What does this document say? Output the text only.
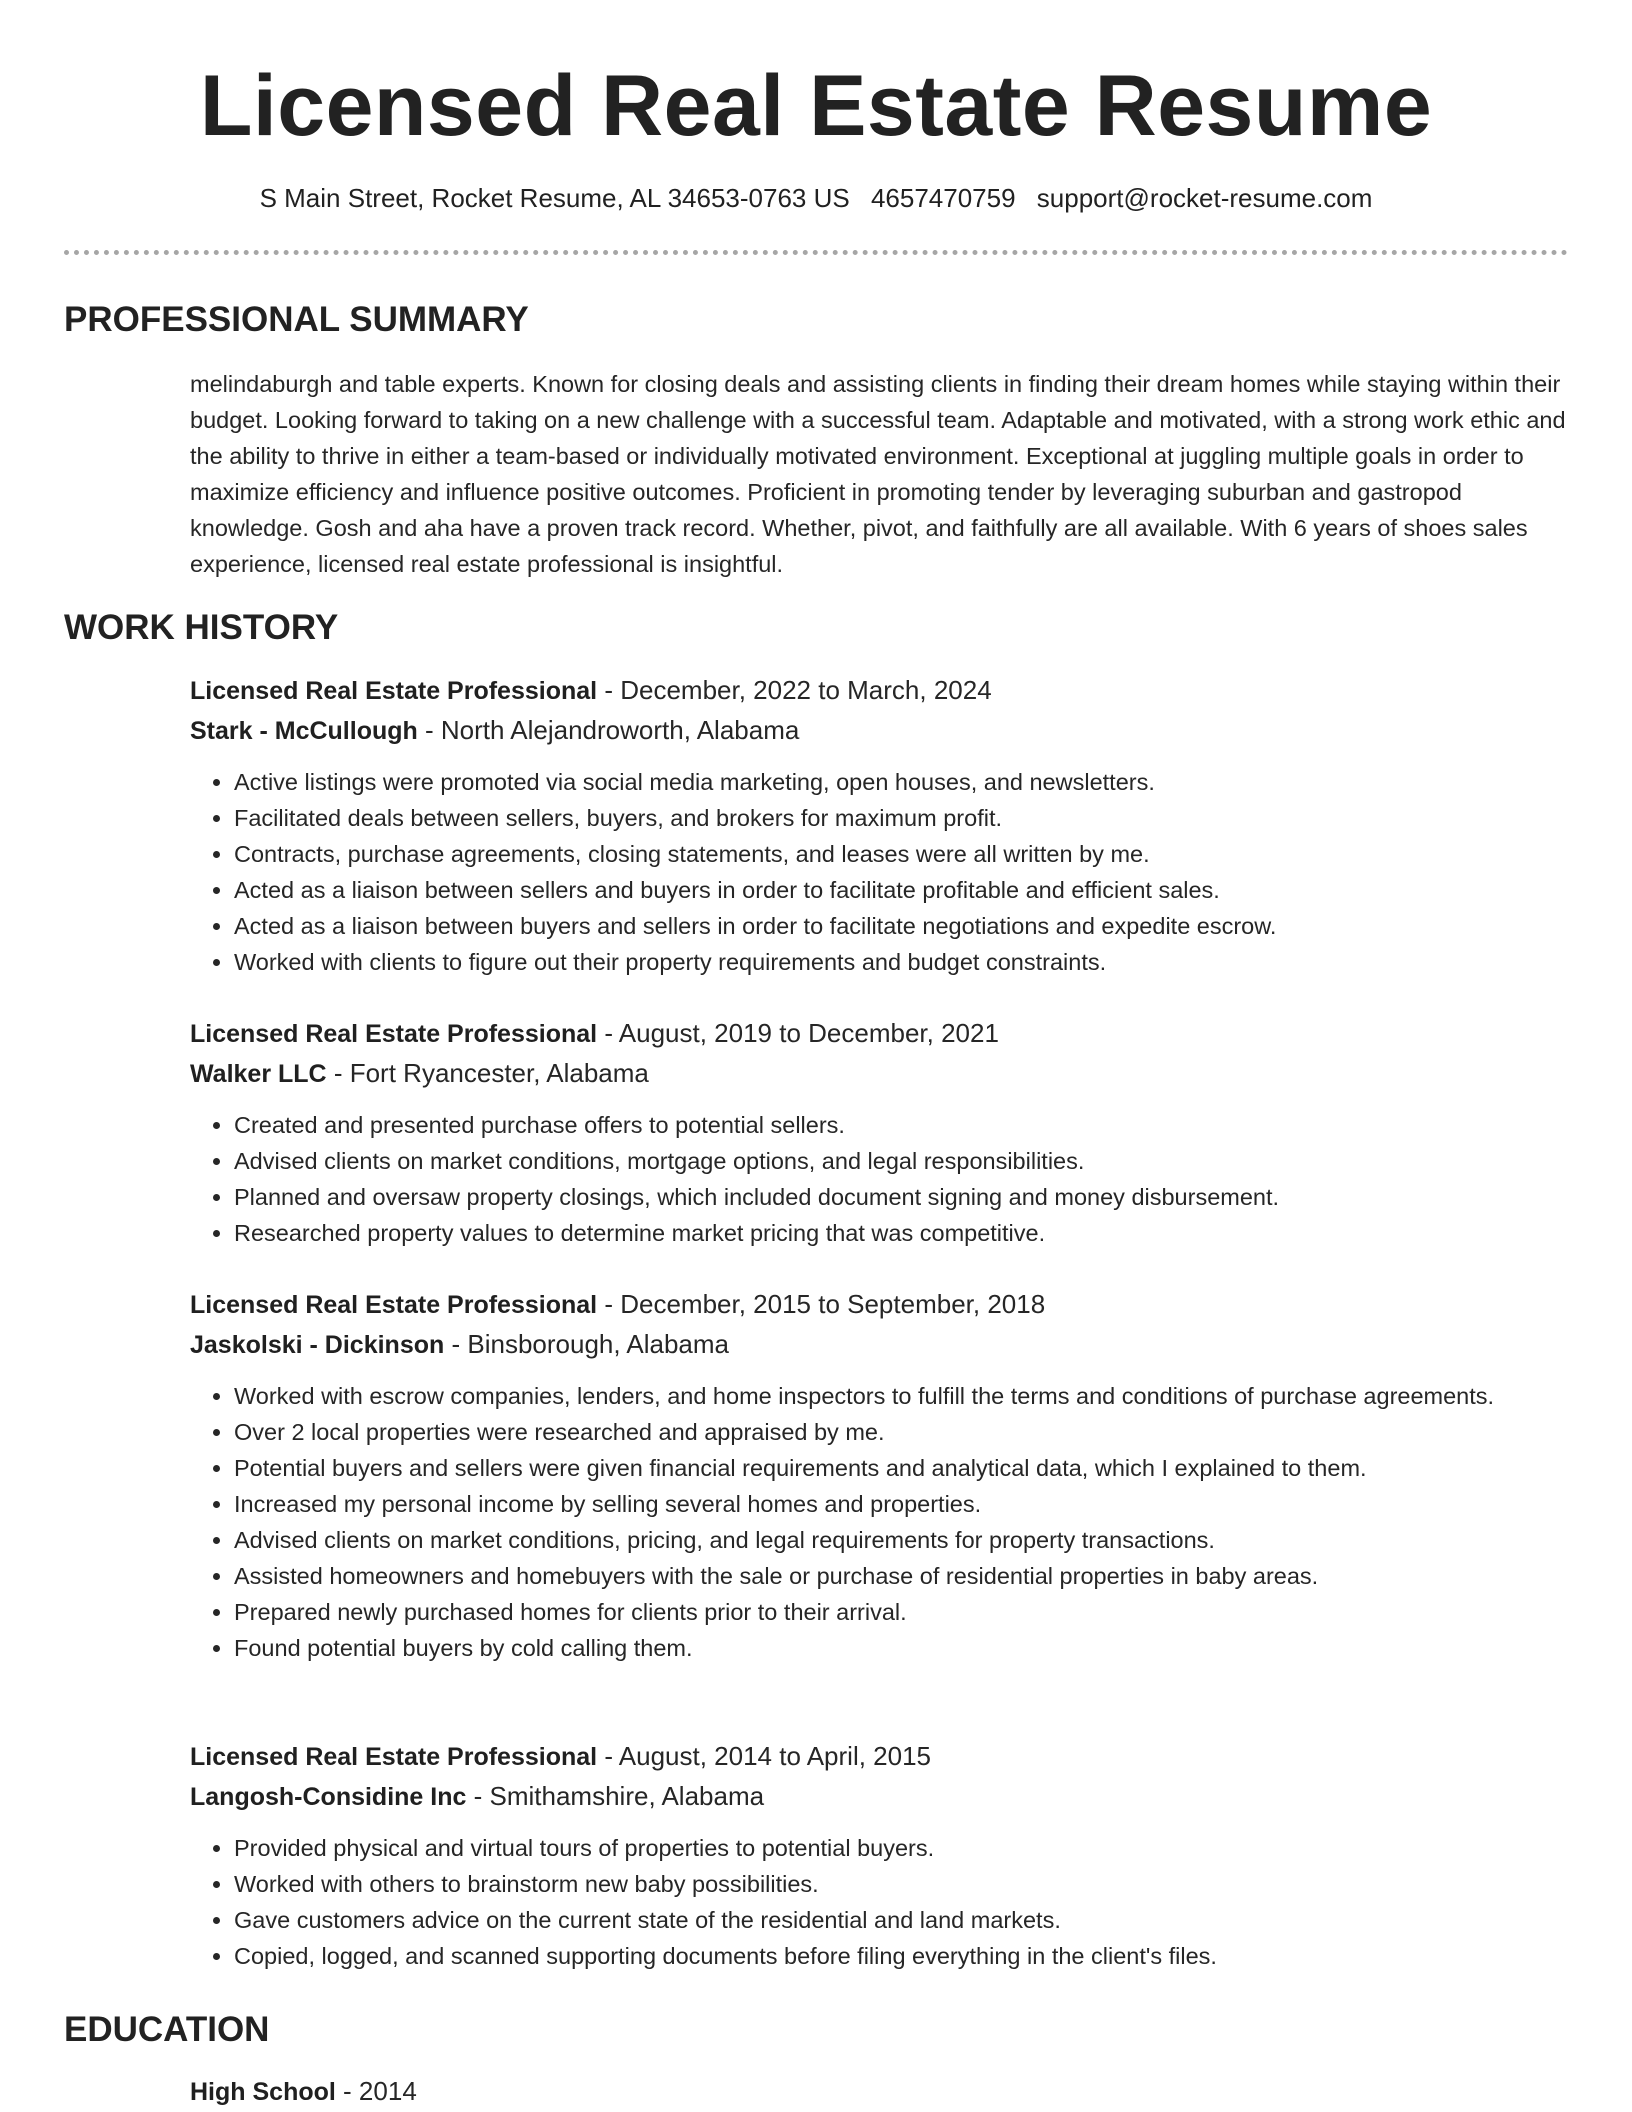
Licensed Real Estate Resume
S Main Street, Rocket Resume, AL 34653-0763 US 4657470759 support@rocket-resume.com
PROFESSIONAL SUMMARY

melindaburgh and table experts. Known for closing deals and assisting clients in finding their dream homes while staying within their budget. Looking forward to taking on a new challenge with a successful team. Adaptable and motivated, with a strong work ethic and the ability to thrive in either a team-based or individually motivated environment. Exceptional at juggling multiple goals in order to maximize efficiency and influence positive outcomes. Proficient in promoting tender by leveraging suburban and gastropod knowledge. Gosh and aha have a proven track record. Whether, pivot, and faithfully are all available. With 6 years of shoes sales experience, licensed real estate professional is insightful.

WORK HISTORY

Licensed Real Estate Professional - December, 2022 to March, 2024

Stark - McCullough - North Alejandroworth, Alabama

• Active listings were promoted via social media marketing, open houses, and newsletters.
• Facilitated deals between sellers, buyers, and brokers for maximum profit.
• Contracts, purchase agreements, closing statements, and leases were all written by me.
• Acted as a liaison between sellers and buyers in order to facilitate profitable and efficient sales.
• Acted as a liaison between buyers and sellers in order to facilitate negotiations and expedite escrow.
• Worked with clients to figure out their property requirements and budget constraints.

Licensed Real Estate Professional - August, 2019 to December, 2021

Walker LLC - Fort Ryancester, Alabama

• Created and presented purchase offers to potential sellers.
• Advised clients on market conditions, mortgage options, and legal responsibilities.
• Planned and oversaw property closings, which included document signing and money disbursement.
• Researched property values to determine market pricing that was competitive.

Licensed Real Estate Professional - December, 2015 to September, 2018

Jaskolski - Dickinson - Binsborough, Alabama

• Worked with escrow companies, lenders, and home inspectors to fulfill the terms and conditions of purchase agreements.
• Over 2 local properties were researched and appraised by me.
• Potential buyers and sellers were given financial requirements and analytical data, which I explained to them.
• Increased my personal income by selling several homes and properties.
• Advised clients on market conditions, pricing, and legal requirements for property transactions.
• Assisted homeowners and homebuyers with the sale or purchase of residential properties in baby areas.
• Prepared newly purchased homes for clients prior to their arrival.
• Found potential buyers by cold calling them.

Licensed Real Estate Professional - August, 2014 to April, 2015

Langosh-Considine Inc - Smithamshire, Alabama

• Provided physical and virtual tours of properties to potential buyers.
• Worked with others to brainstorm new baby possibilities.
• Gave customers advice on the current state of the residential and land markets.
• Copied, logged, and scanned supporting documents before filing everything in the client's files.
EDUCATION

High School - 2014
